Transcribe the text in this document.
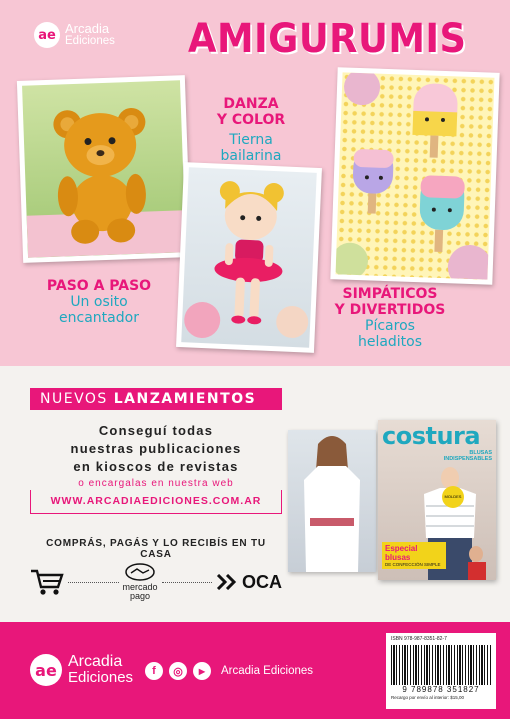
ae Arcadia
Ediciones AMIGURUMIS
DANZA
Y COLOR
Tierna
bailarina
PASO A PASO
Un osito
encantador
SIMPÁTICOS
Y DIVERTIDOS
Pícaros
heladitos
NUEVOS LANZAMIENTOS
Conseguí todas
nuestras publicaciones
en kioscos de revistas
o encargalas en nuestra web
WWW.ARCADIAEDICIONES.COM.AR
COMPRÁS, PAGÁS Y LO RECIBÍS EN TU CASA
mercado
pago
OCA
costura
BLUSAS
INDISPENSABLES
MOLDES
Especial blusas
DE CONFECCIÓN SIMPLE
ae Arcadia
Ediciones	f	◎	▶	Arcadia Ediciones
ISBN 978-987-8351-82-7
9 789878 351827
Recargo por envío al interior: $15,00
